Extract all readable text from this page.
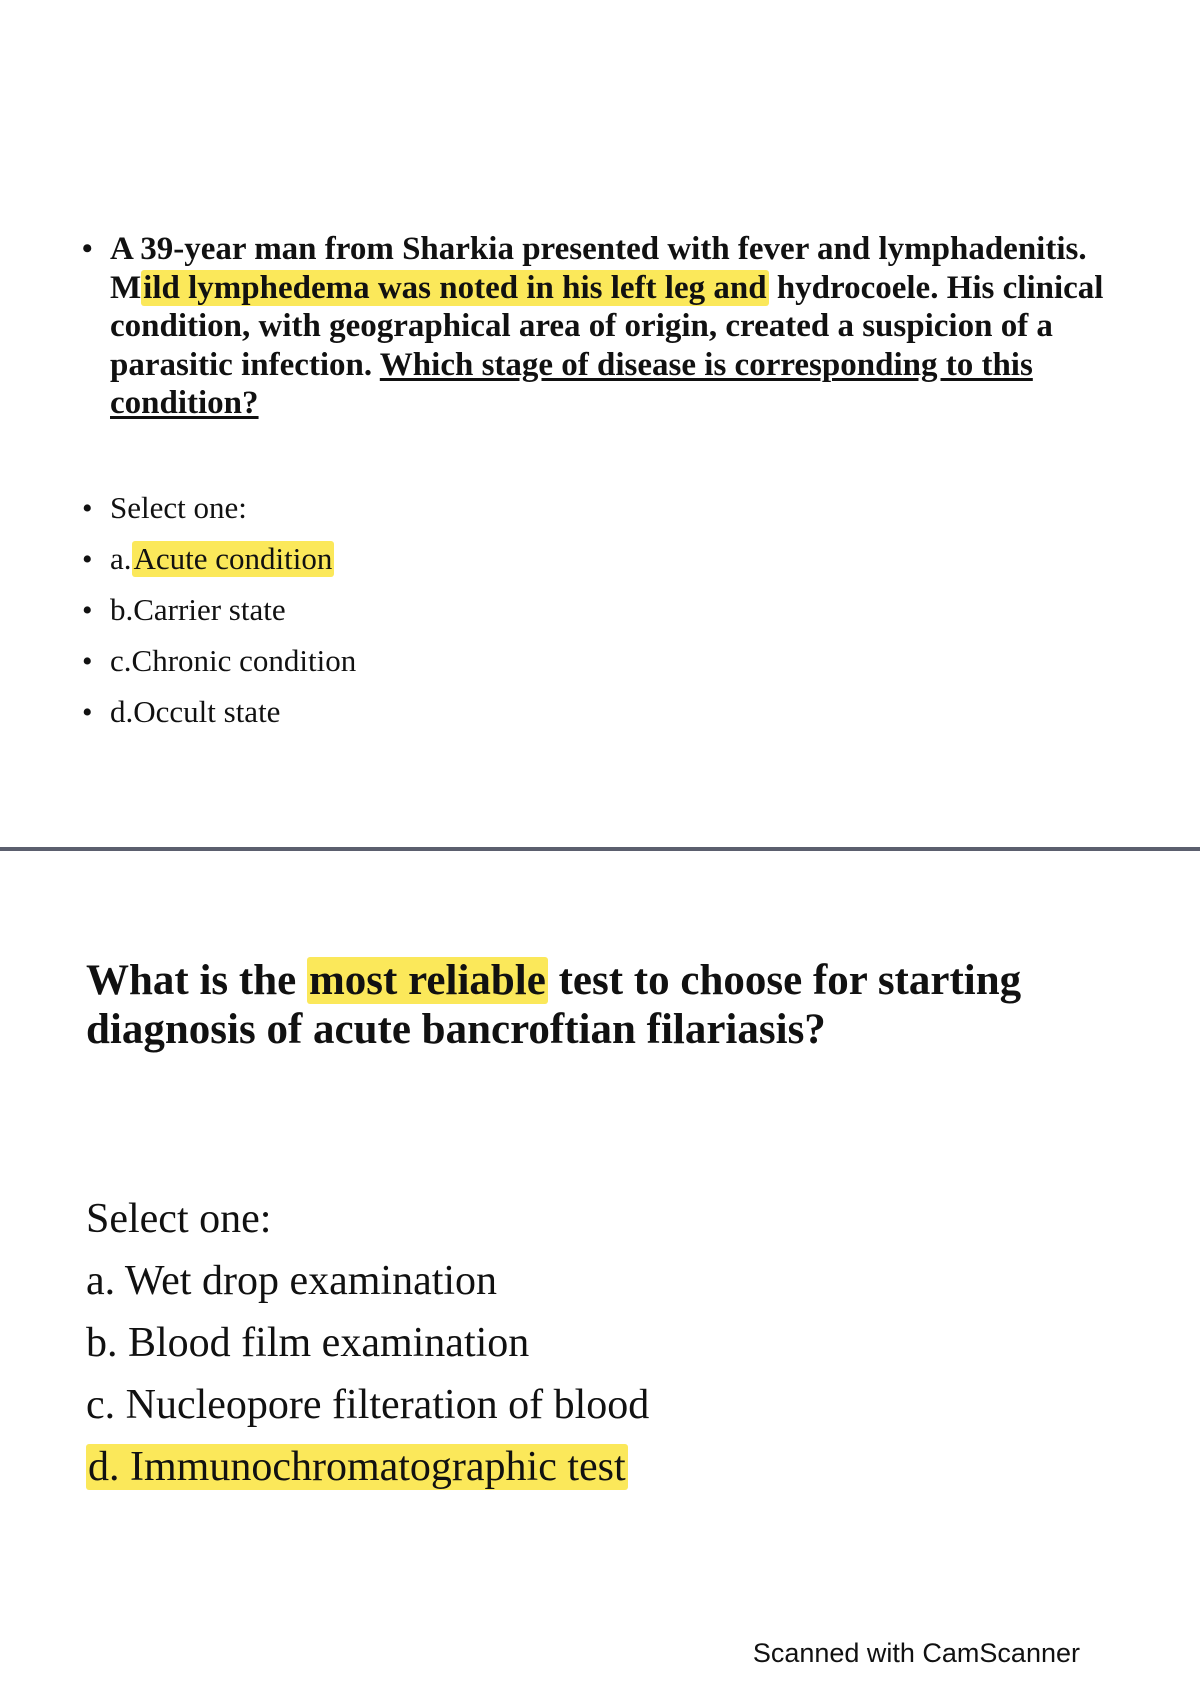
• A 39-year man from Sharkia presented with fever and lymphadenitis. Mild lymphedema was noted in his left leg and hydrocoele. His clinical condition, with geographical area of origin, created a suspicion of a parasitic infection. Which stage of disease is corresponding to this condition?

• Select one:
• a. Acute condition
• b. Carrier state
• c. Chronic condition
• d. Occult state

What is the most reliable test to choose for starting diagnosis of acute bancroftian filariasis?

Select one:
a. Wet drop examination
b. Blood film examination
c. Nucleopore filteration of blood
d. Immunochromatographic test
Scanned with CamScanner
